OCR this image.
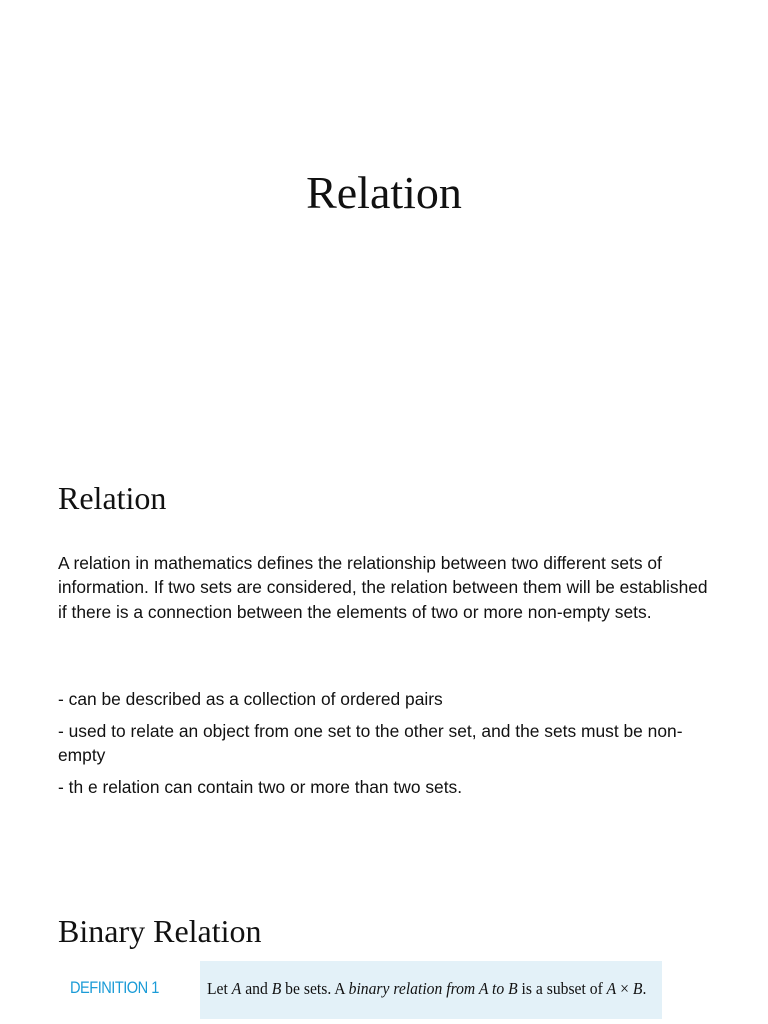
Relation
Relation

A relation in mathematics defines the relationship between two different sets of information. If two sets are considered, the relation between them will be established if there is a connection between the elements of two or more non-empty sets.

- can be described as a collection of ordered pairs
- used to relate an object from one set to the other set, and the sets must be non-empty
- th e relation can contain two or more than two sets.
Binary Relation
DEFINITION 1	Let A and B be sets. A binary relation from A to B is a subset of A × B.
